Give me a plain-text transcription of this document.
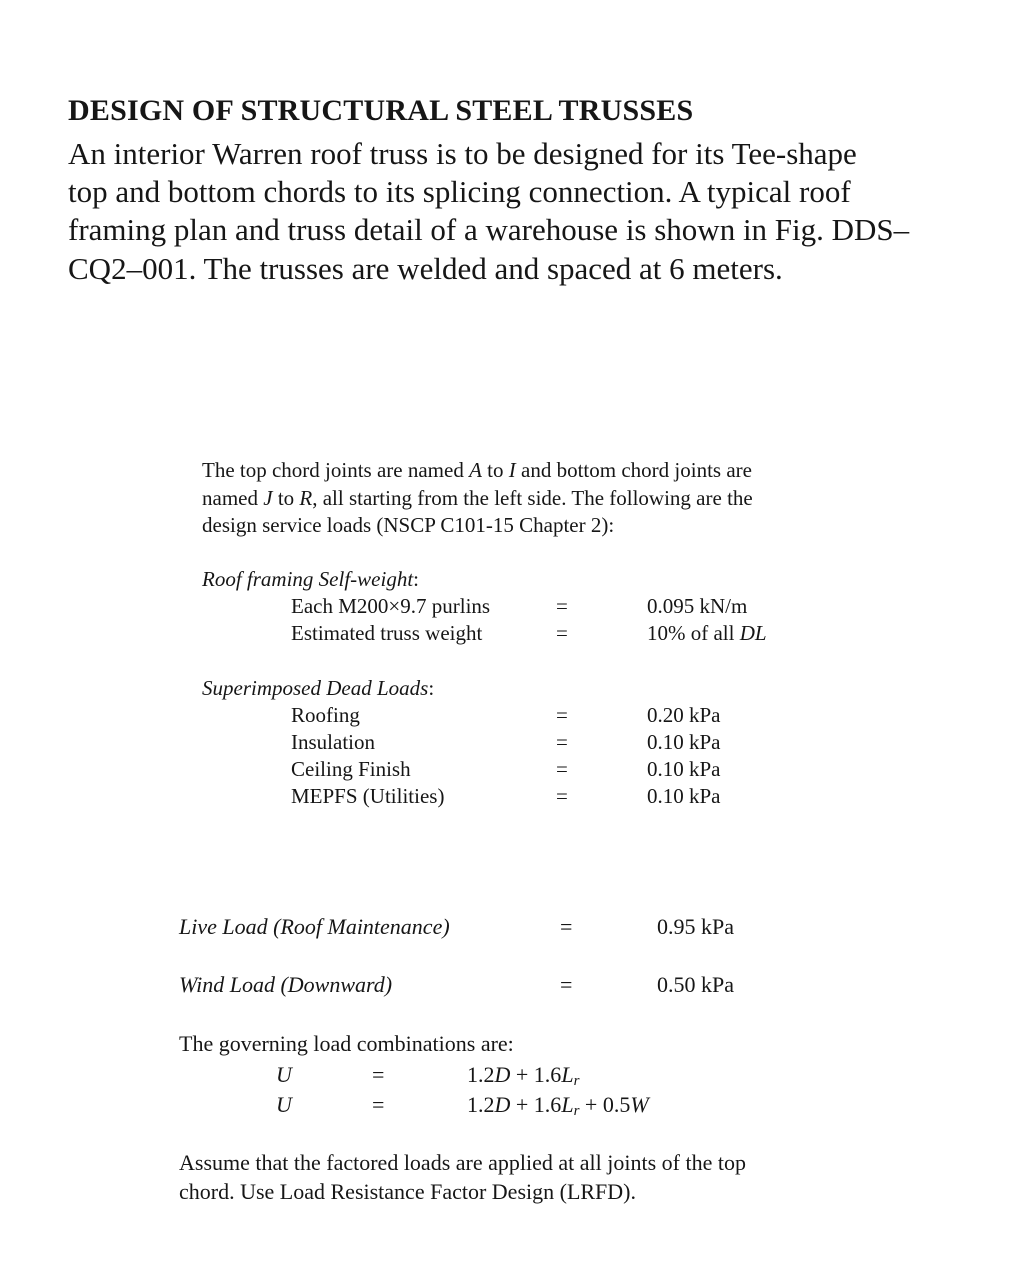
DESIGN OF STRUCTURAL STEEL TRUSSES
An interior Warren roof truss is to be designed for its Tee-shape
top and bottom chords to its splicing connection. A typical roof
framing plan and truss detail of a warehouse is shown in Fig. DDS–
CQ2–001. The trusses are welded and spaced at 6 meters.
The top chord joints are named A to I and bottom chord joints are
named J to R, all starting from the left side. The following are the
design service loads (NSCP C101-15 Chapter 2):
Roof framing Self-weight:
Each M200×9.7 purlins	=	0.095 kN/m
Estimated truss weight	=	10% of all DL
Superimposed Dead Loads:
Roofing	=	0.20 kPa
Insulation	=	0.10 kPa
Ceiling Finish	=	0.10 kPa
MEPFS (Utilities)	=	0.10 kPa
Live Load (Roof Maintenance)	=	0.95 kPa
Wind Load (Downward)	=	0.50 kPa
The governing load combinations are:
U	=	$1.2D + 1.6L_r$
U	=	$1.2D + 1.6L_r + 0.5W$
Assume that the factored loads are applied at all joints of the top
chord. Use Load Resistance Factor Design (LRFD).
